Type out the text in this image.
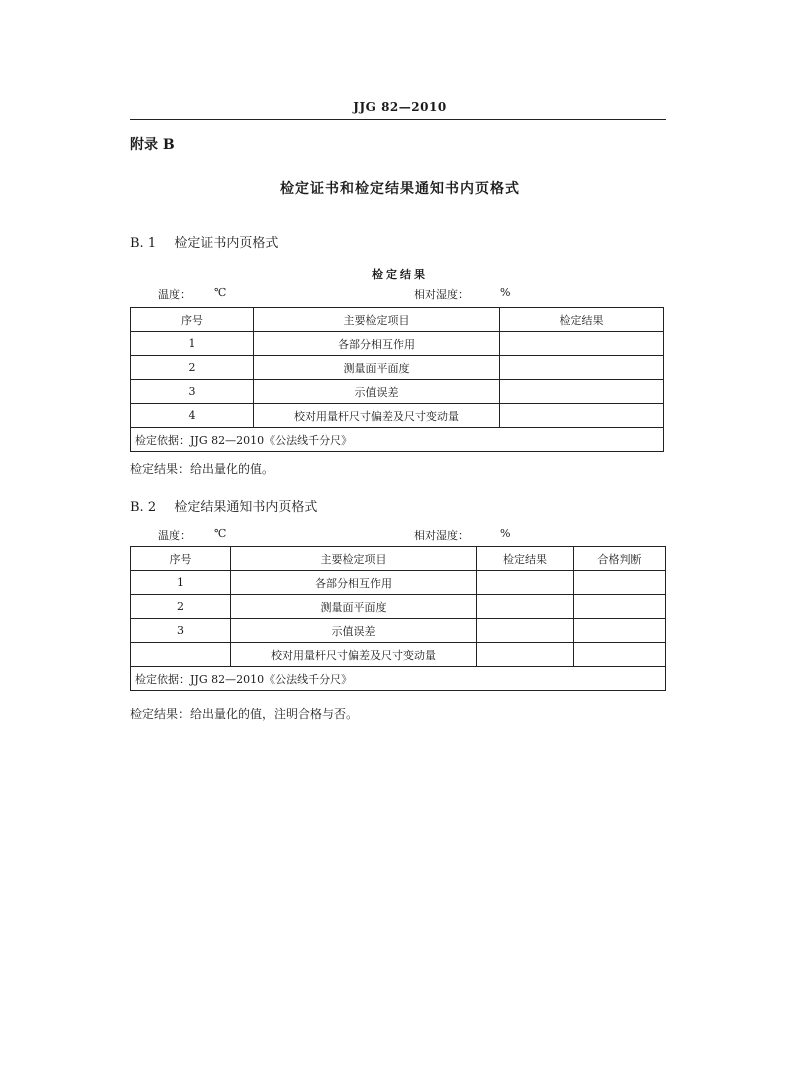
JJG 82—2010
附录 B
检定证书和检定结果通知书内页格式
B. 1 检定证书内页格式
检定结果
温度： ℃	相对湿度：	%
序号	主要检定项目	检定结果
1	各部分相互作用	
2	测量面平面度	
3	示值误差	
4	校对用量杆尺寸偏差及尺寸变动量	
检定依据：JJG 82—2010《公法线千分尺》		
检定结果：给出量化的值。
B. 2 检定结果通知书内页格式
温度： ℃	相对湿度：	%
序号	主要检定项目	检定结果	合格判断
1	各部分相互作用		
2	测量面平面度		
3	示值误差		
	校对用量杆尺寸偏差及尺寸变动量		
检定依据：JJG 82—2010《公法线千分尺》			
检定结果：给出量化的值，注明合格与否。
